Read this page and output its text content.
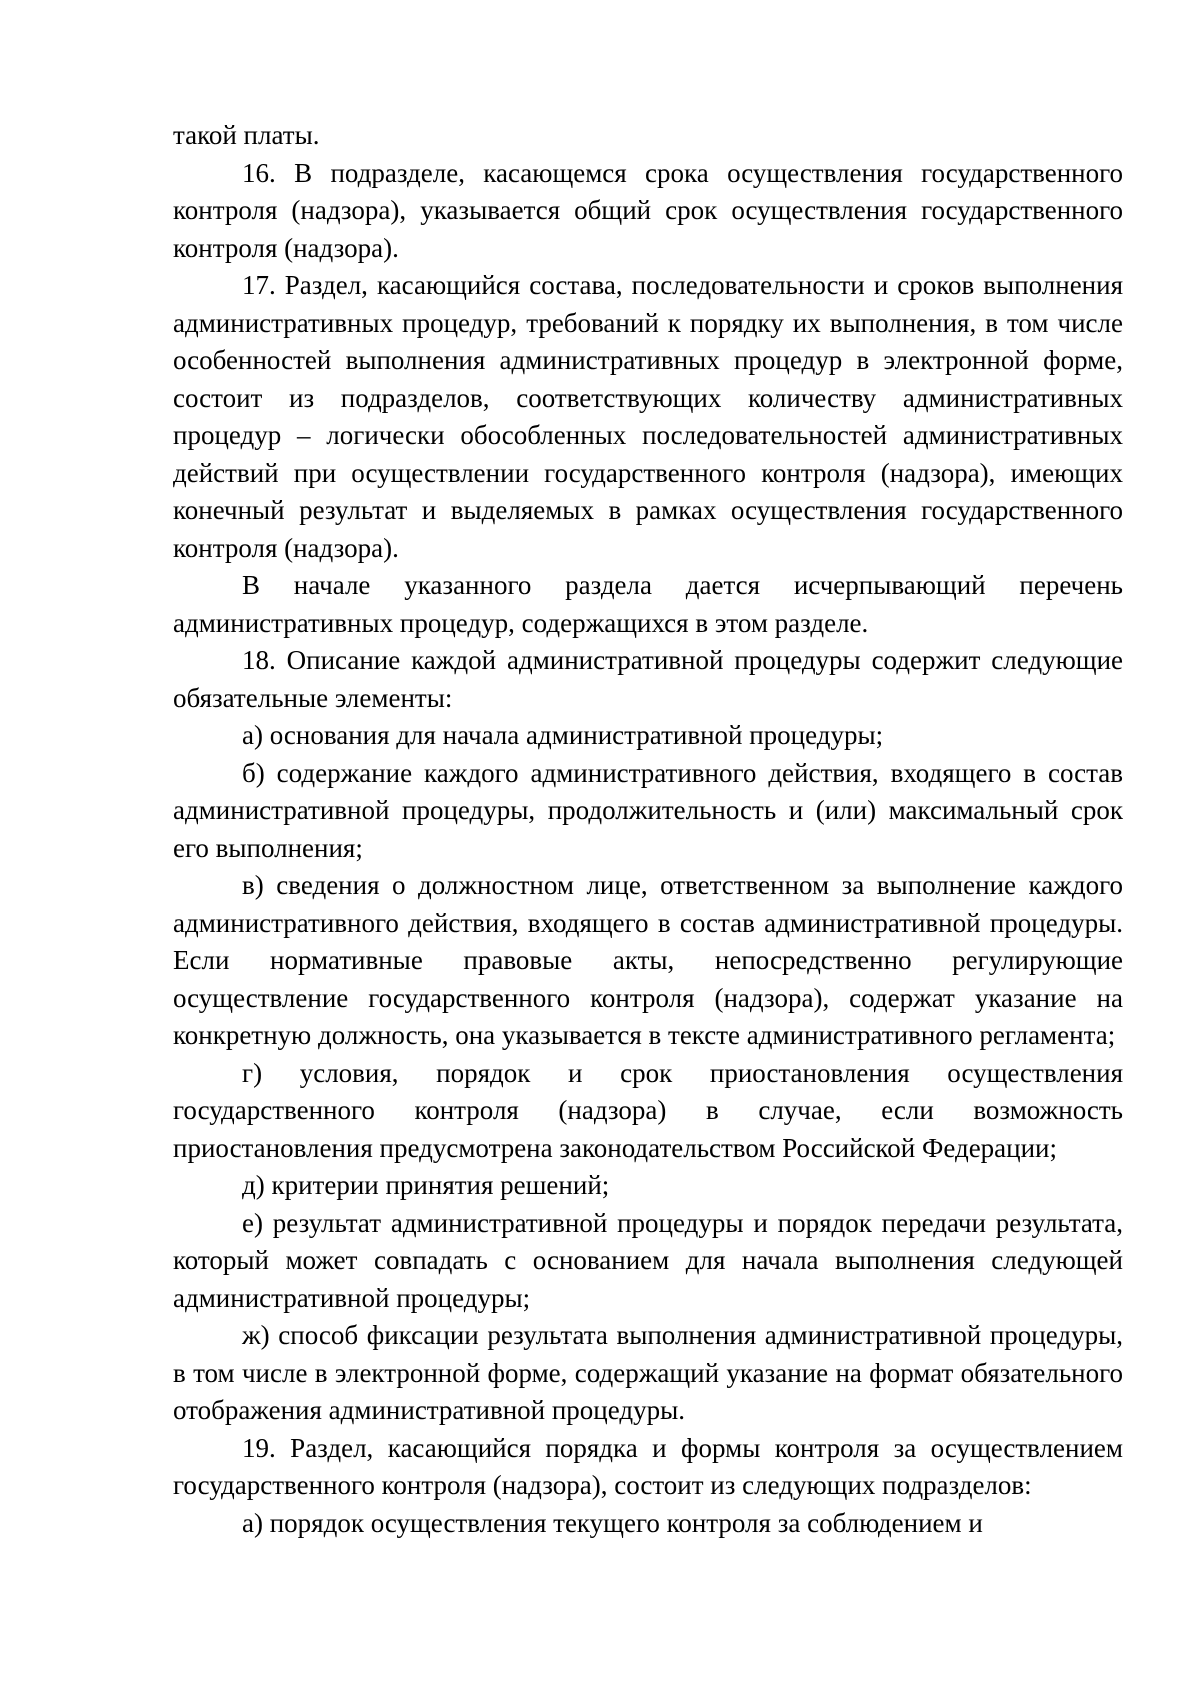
такой платы.

16. В подразделе, касающемся срока осуществления государственного контроля (надзора), указывается общий срок осуществления государственного контроля (надзора).

17. Раздел, касающийся состава, последовательности и сроков выполнения административных процедур, требований к порядку их выполнения, в том числе особенностей выполнения административных процедур в электронной форме, состоит из подразделов, соответствующих количеству административных процедур – логически обособленных последовательностей административных действий при осуществлении государственного контроля (надзора), имеющих конечный результат и выделяемых в рамках осуществления государственного контроля (надзора).

В начале указанного раздела дается исчерпывающий перечень административных процедур, содержащихся в этом разделе.

18. Описание каждой административной процедуры содержит следующие обязательные элементы:

а) основания для начала административной процедуры;

б) содержание каждого административного действия, входящего в состав административной процедуры, продолжительность и (или) максимальный срок его выполнения;

в) сведения о должностном лице, ответственном за выполнение каждого административного действия, входящего в состав административной процедуры. Если нормативные правовые акты, непосредственно регулирующие осуществление государственного контроля (надзора), содержат указание на конкретную должность, она указывается в тексте административного регламента;

г) условия, порядок и срок приостановления осуществления государственного контроля (надзора) в случае, если возможность приостановления предусмотрена законодательством Российской Федерации;

д) критерии принятия решений;

е) результат административной процедуры и порядок передачи результата, который может совпадать с основанием для начала выполнения следующей административной процедуры;

ж) способ фиксации результата выполнения административной процедуры, в том числе в электронной форме, содержащий указание на формат обязательного отображения административной процедуры.

19. Раздел, касающийся порядка и формы контроля за осуществлением государственного контроля (надзора), состоит из следующих подразделов:

а) порядок осуществления текущего контроля за соблюдением и
